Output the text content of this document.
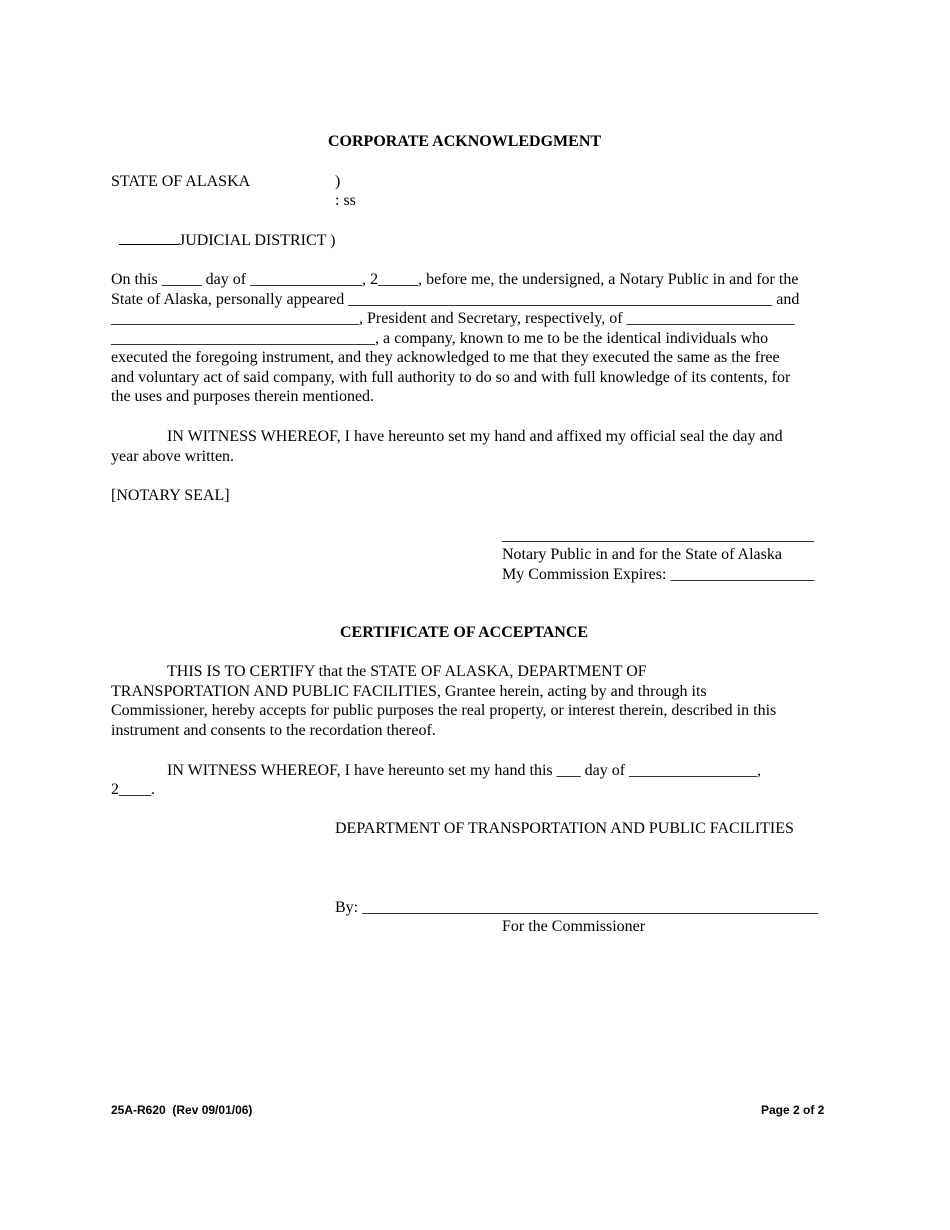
CORPORATE ACKNOWLEDGMENT
STATE OF ALASKA	)
: ss

JUDICIAL DISTRICT )

On this _____ day of ______________, 2_____, before me, the undersigned, a Notary Public in and for the
State of Alaska, personally appeared _____________________________________________________ and
_______________________________, President and Secretary, respectively, of _____________________
_________________________________, a company, known to me to be the identical individuals who
executed the foregoing instrument, and they acknowledged to me that they executed the same as the free
and voluntary act of said company, with full authority to do so and with full knowledge of its contents, for
the uses and purposes therein mentioned.
IN WITNESS WHEREOF, I have hereunto set my hand and affixed my official seal the day and
year above written.
[NOTARY SEAL]
_______________________________________
Notary Public in and for the State of Alaska
My Commission Expires: __________________
CERTIFICATE OF ACCEPTANCE
THIS IS TO CERTIFY that the STATE OF ALASKA, DEPARTMENT OF
TRANSPORTATION AND PUBLIC FACILITIES, Grantee herein, acting by and through its
Commissioner, hereby accepts for public purposes the real property, or interest therein, described in this
instrument and consents to the recordation thereof.
IN WITNESS WHEREOF, I have hereunto set my hand this ___ day of ________________,
2____.
DEPARTMENT OF TRANSPORTATION AND PUBLIC FACILITIES
By: _________________________________________________________
For the Commissioner
25A-R620  (Rev 09/01/06)	Page 2 of 2
